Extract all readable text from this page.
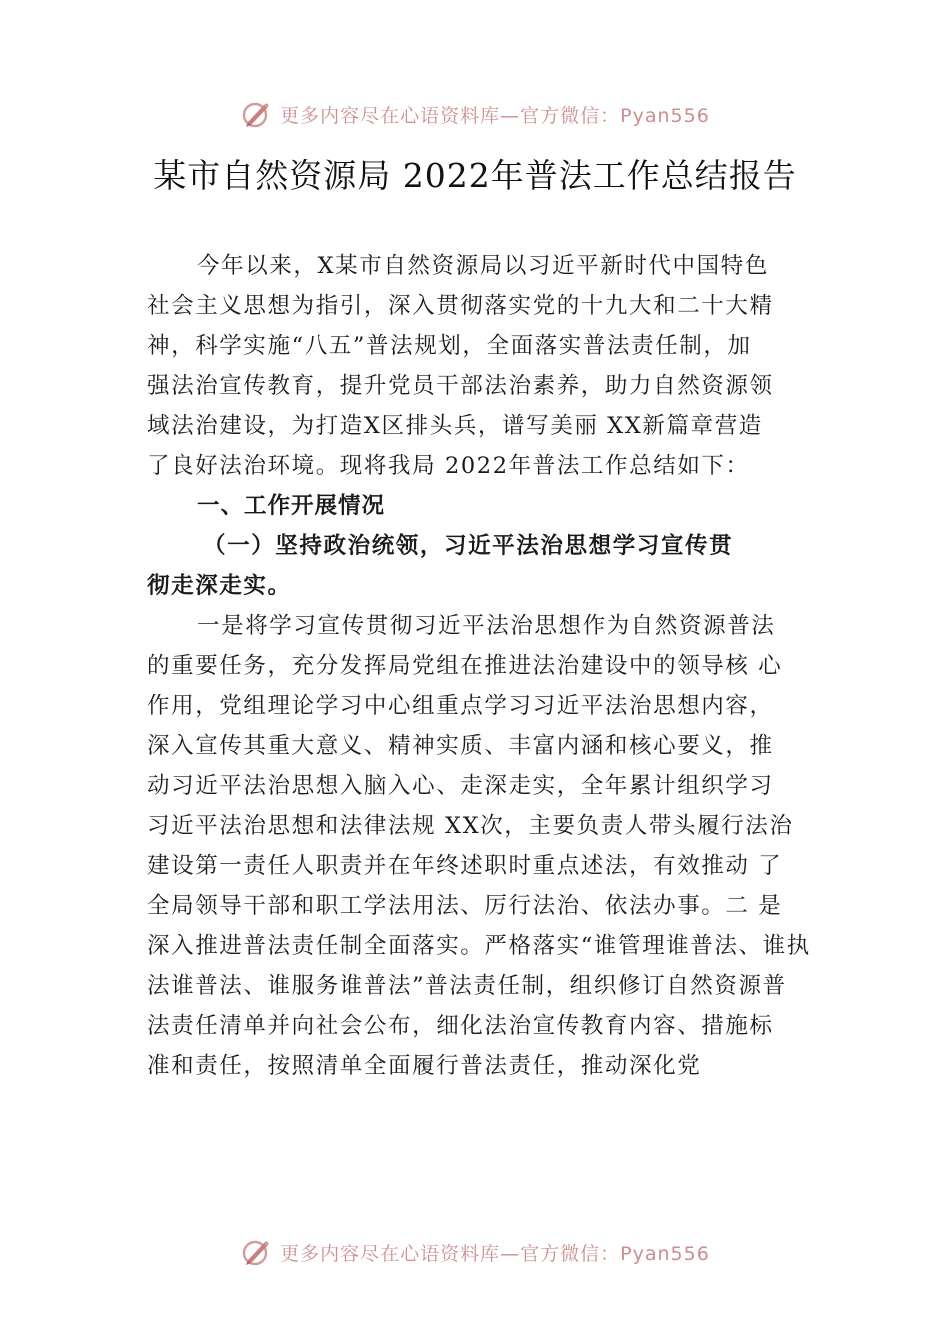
更多内容尽在心语资料库—官方微信：Pyan556
某市自然资源局 2022年普法工作总结报告
今年以来，X某市自然资源局以习近平新时代中国特色
社会主义思想为指引，深入贯彻落实党的十九大和二十大精
神，科学实施“八五”普法规划，全面落实普法责任制，加
强法治宣传教育，提升党员干部法治素养，助力自然资源领
域法治建设，为打造X区排头兵，谱写美丽 XX新篇章营造
了良好法治环境。现将我局 2022年普法工作总结如下：
一、工作开展情况
（一）坚持政治统领，习近平法治思想学习宣传贯
彻走深走实。
一是将学习宣传贯彻习近平法治思想作为自然资源普法
的重要任务，充分发挥局党组在推进法治建设中的领导核 心
作用，党组理论学习中心组重点学习习近平法治思想内容，
深入宣传其重大意义、精神实质、丰富内涵和核心要义，推
动习近平法治思想入脑入心、走深走实，全年累计组织学习
习近平法治思想和法律法规 XX次，主要负责人带头履行法治
建设第一责任人职责并在年终述职时重点述法，有效推动 了
全局领导干部和职工学法用法、厉行法治、依法办事。二 是
深入推进普法责任制全面落实。严格落实“谁管理谁普法、谁执
法谁普法、谁服务谁普法”普法责任制，组织修订自然资源普
法责任清单并向社会公布，细化法治宣传教育内容、措施标
准和责任，按照清单全面履行普法责任，推动深化党
更多内容尽在心语资料库—官方微信：Pyan556
